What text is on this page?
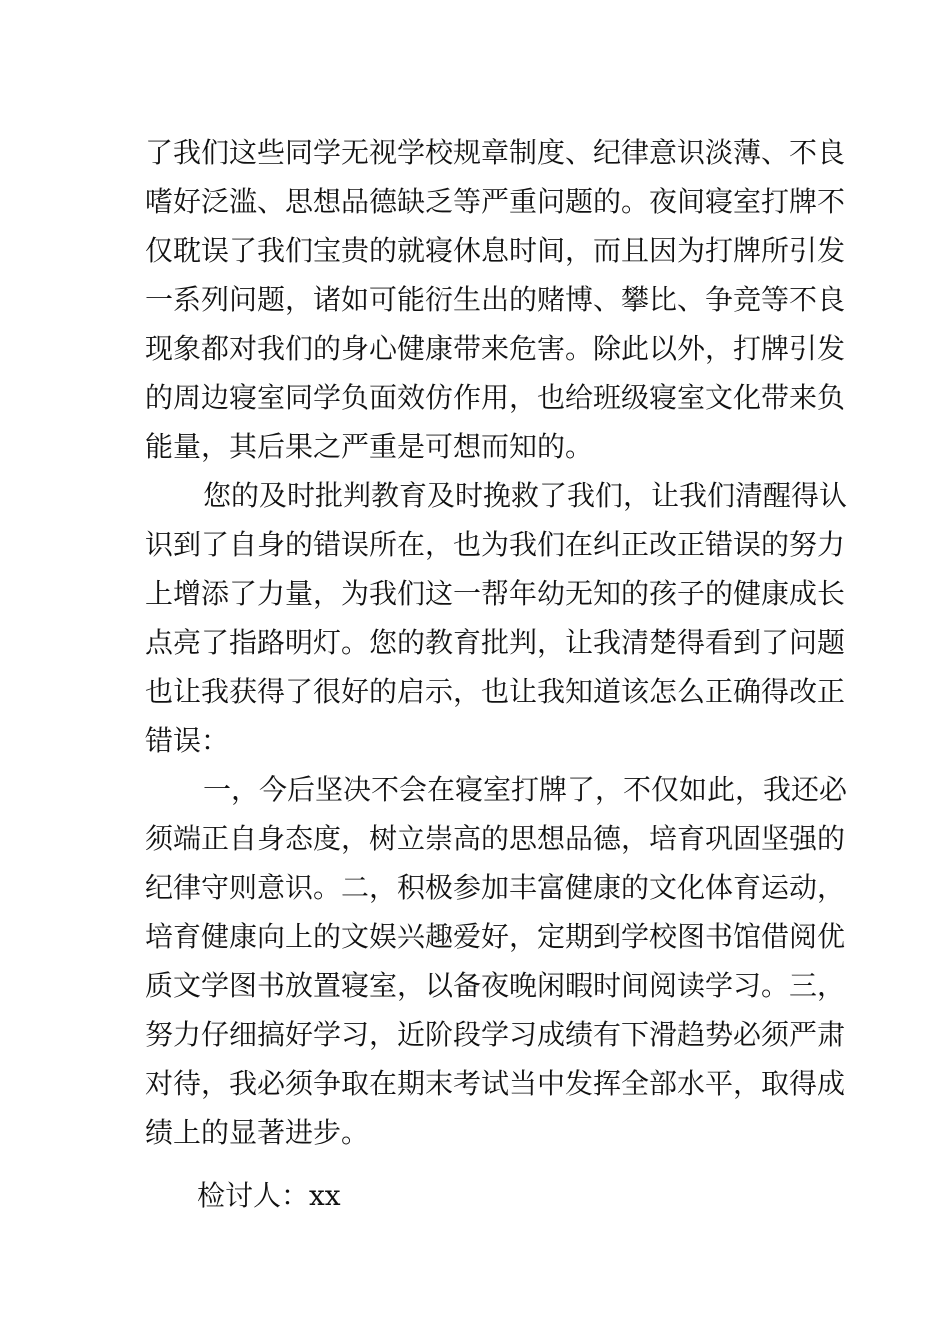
了我们这些同学无视学校规章制度、纪律意识淡薄、不良
嗜好泛滥、思想品德缺乏等严重问题的。夜间寝室打牌不
仅耽误了我们宝贵的就寝休息时间，而且因为打牌所引发
一系列问题，诸如可能衍生出的赌博、攀比、争竞等不良
现象都对我们的身心健康带来危害。除此以外，打牌引发
的周边寝室同学负面效仿作用，也给班级寝室文化带来负
能量，其后果之严重是可想而知的。
您的及时批判教育及时挽救了我们，让我们清醒得认
识到了自身的错误所在，也为我们在纠正改正错误的努力
上增添了力量，为我们这一帮年幼无知的孩子的健康成长
点亮了指路明灯。您的教育批判，让我清楚得看到了问题
也让我获得了很好的启示，也让我知道该怎么正确得改正
错误：
一，今后坚决不会在寝室打牌了，不仅如此，我还必
须端正自身态度，树立崇高的思想品德，培育巩固坚强的
纪律守则意识。二，积极参加丰富健康的文化体育运动，
培育健康向上的文娱兴趣爱好，定期到学校图书馆借阅优
质文学图书放置寝室，以备夜晚闲暇时间阅读学习。三，
努力仔细搞好学习，近阶段学习成绩有下滑趋势必须严肃
对待，我必须争取在期末考试当中发挥全部水平，取得成
绩上的显著进步。
检讨人：xx
